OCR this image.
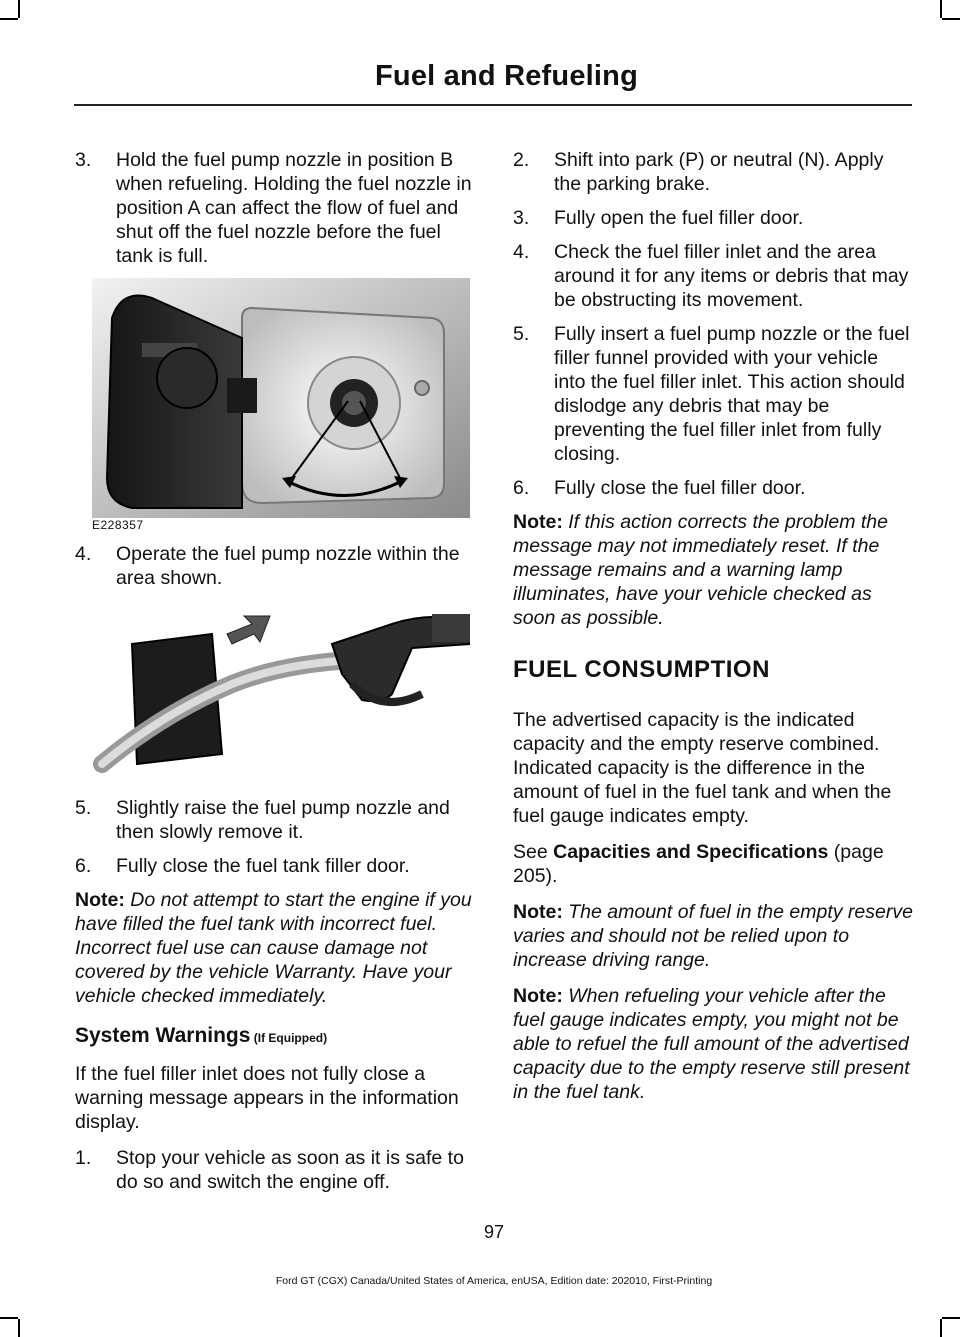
Fuel and Refueling
3.	Hold the fuel pump nozzle in position B when refueling. Holding the fuel nozzle in position A can affect the flow of fuel and shut off the fuel nozzle before the fuel tank is full.
E228357
4.	Operate the fuel pump nozzle within the area shown.
5.	Slightly raise the fuel pump nozzle and then slowly remove it.
6.	Fully close the fuel tank filler door.

Note: Do not attempt to start the engine if you have filled the fuel tank with incorrect fuel. Incorrect fuel use can cause damage not covered by the vehicle Warranty. Have your vehicle checked immediately.

System Warnings (If Equipped)

If the fuel filler inlet does not fully close a warning message appears in the information display.

1.	Stop your vehicle as soon as it is safe to do so and switch the engine off.
2.	Shift into park (P) or neutral (N). Apply the parking brake.
3.	Fully open the fuel filler door.
4.	Check the fuel filler inlet and the area around it for any items or debris that may be obstructing its movement.
5.	Fully insert a fuel pump nozzle or the fuel filler funnel provided with your vehicle into the fuel filler inlet. This action should dislodge any debris that may be preventing the fuel filler inlet from fully closing.
6.	Fully close the fuel filler door.

Note: If this action corrects the problem the message may not immediately reset. If the message remains and a warning lamp illuminates, have your vehicle checked as soon as possible.

FUEL CONSUMPTION

The advertised capacity is the indicated capacity and the empty reserve combined. Indicated capacity is the difference in the amount of fuel in the fuel tank and when the fuel gauge indicates empty.

See Capacities and Specifications (page 205).

Note: The amount of fuel in the empty reserve varies and should not be relied upon to increase driving range.

Note: When refueling your vehicle after the fuel gauge indicates empty, you might not be able to refuel the full amount of the advertised capacity due to the empty reserve still present in the fuel tank.

97
Ford GT (CGX) Canada/United States of America, enUSA, Edition date: 202010, First-Printing
